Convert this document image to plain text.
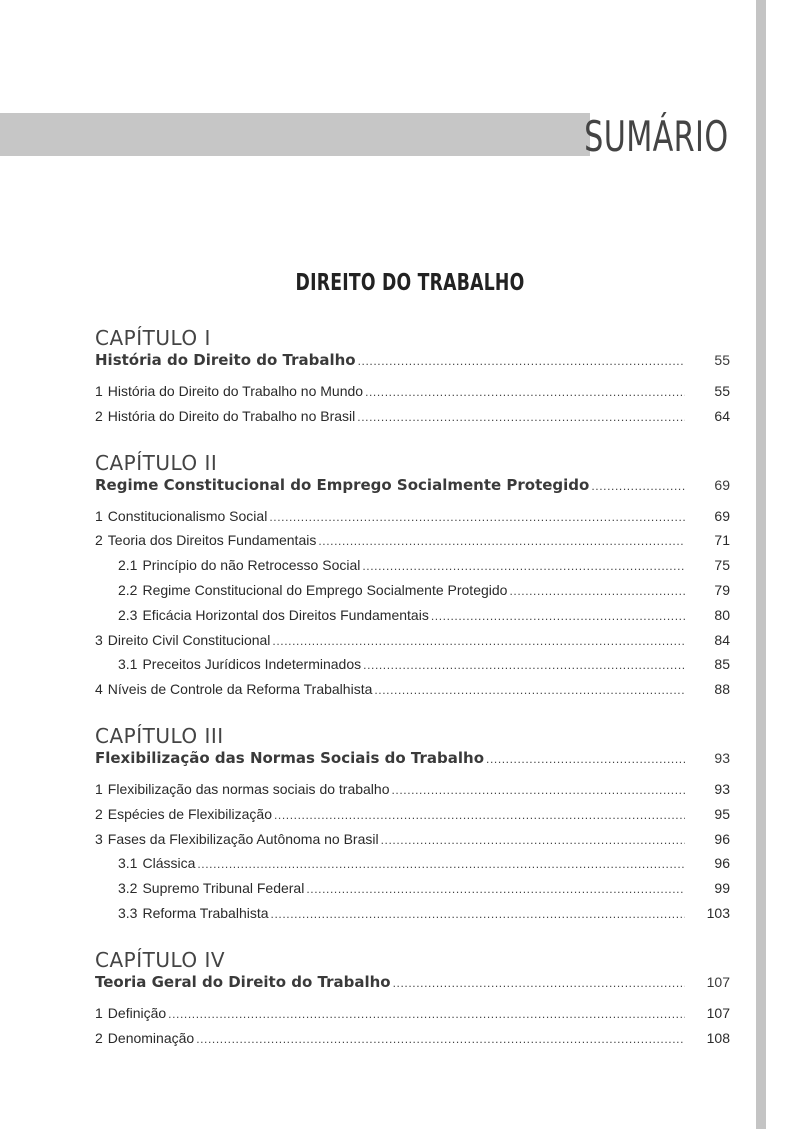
SUMÁRIO
DIREITO DO TRABALHO
CAPÍTULO I
História do Direito do Trabalho .....	55
1 História do Direito do Trabalho no Mundo .....	55
2 História do Direito do Trabalho no Brasil .....	64
CAPÍTULO II
Regime Constitucional do Emprego Socialmente Protegido .....	69
1 Constitucionalismo Social .....	69
2 Teoria dos Direitos Fundamentais .....	71
2.1 Princípio do não Retrocesso Social .....	75
2.2 Regime Constitucional do Emprego Socialmente Protegido .....	79
2.3 Eficácia Horizontal dos Direitos Fundamentais .....	80
3 Direito Civil Constitucional .....	84
3.1 Preceitos Jurídicos Indeterminados .....	85
4 Níveis de Controle da Reforma Trabalhista .....	88
CAPÍTULO III
Flexibilização das Normas Sociais do Trabalho .....	93
1 Flexibilização das normas sociais do trabalho .....	93
2 Espécies de Flexibilização .....	95
3 Fases da Flexibilização Autônoma no Brasil .....	96
3.1 Clássica .....	96
3.2 Supremo Tribunal Federal .....	99
3.3 Reforma Trabalhista .....	103
CAPÍTULO IV
Teoria Geral do Direito do Trabalho .....	107
1 Definição .....	107
2 Denominação .....	108
